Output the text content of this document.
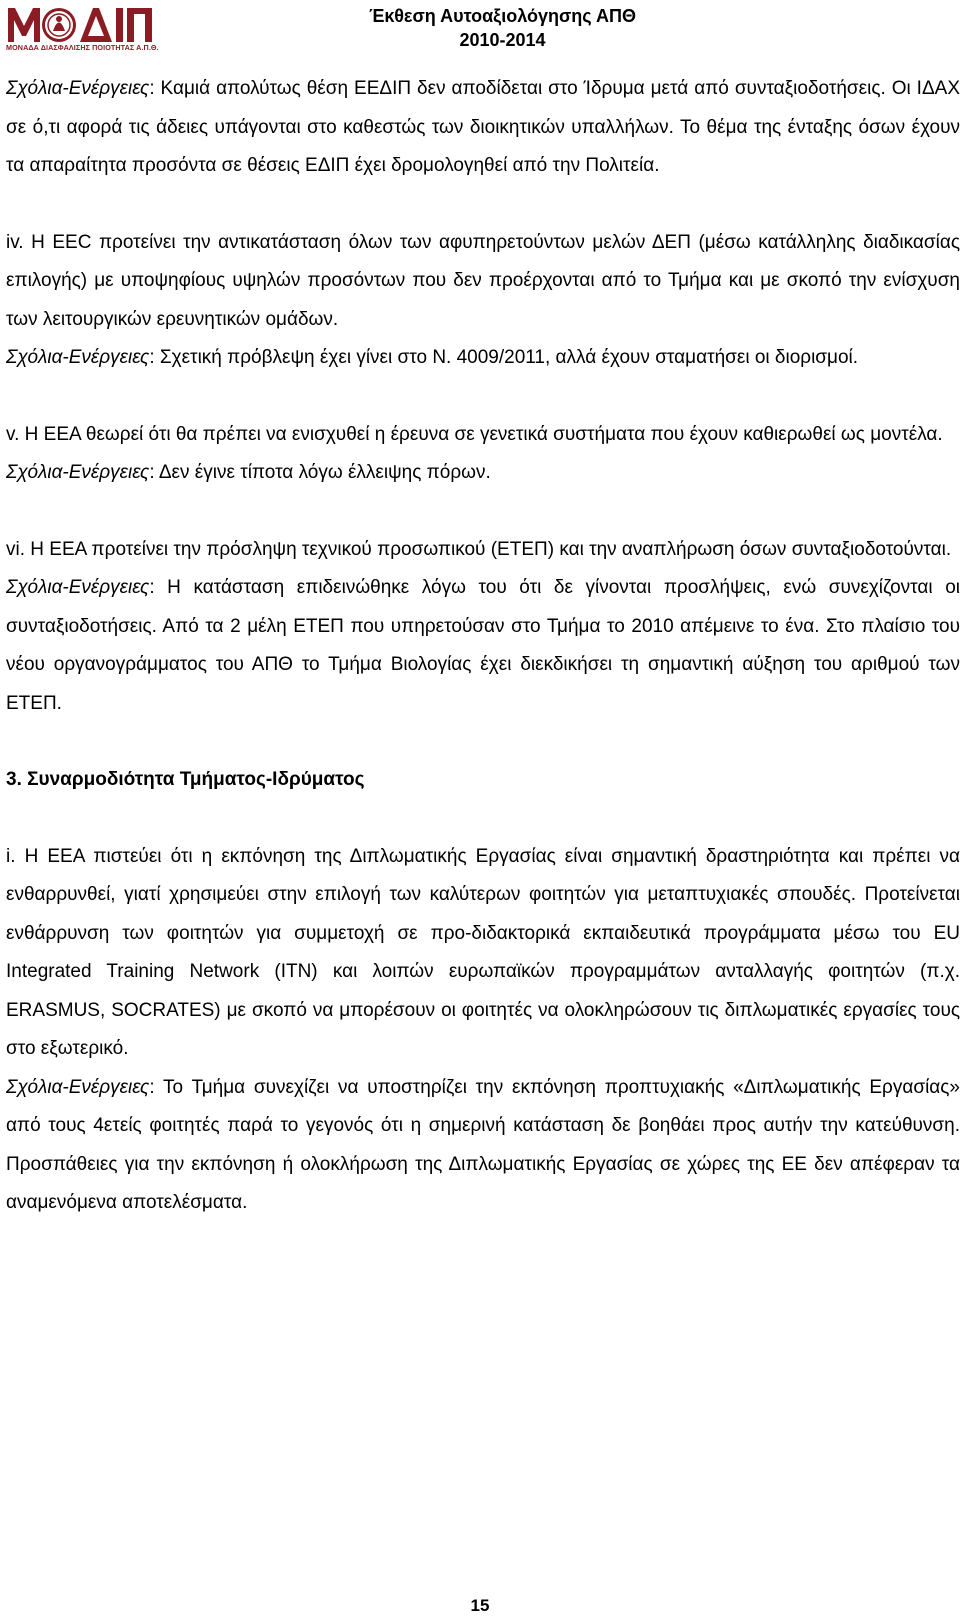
ΜΟΝΑΔΑ ΔΙΑΣΦΑΛΙΣΗΣ ΠΟΙΟΤΗΤΑΣ Α.Π.Θ.
Έκθεση Αυτοαξιολόγησης ΑΠΘ
2010-2014

Σχόλια-Ενέργειες: Καμιά απολύτως θέση ΕΕΔΙΠ δεν αποδίδεται στο Ίδρυμα μετά από συνταξιοδοτήσεις. Οι ΙΔΑΧ σε ό,τι αφορά τις άδειες υπάγονται στο καθεστώς των διοικητικών υπαλλήλων. Το θέμα της ένταξης όσων έχουν τα απαραίτητα προσόντα σε θέσεις ΕΔΙΠ έχει δρομολογηθεί από την Πολιτεία.

iv. Η EEC προτείνει την αντικατάσταση όλων των αφυπηρετούντων μελών ΔΕΠ (μέσω κατάλληλης διαδικασίας επιλογής) με υποψηφίους υψηλών προσόντων που δεν προέρχονται από το Τμήμα και με σκοπό την ενίσχυση των λειτουργικών ερευνητικών ομάδων.

Σχόλια-Ενέργειες: Σχετική πρόβλεψη έχει γίνει στο Ν. 4009/2011, αλλά έχουν σταματήσει οι διορισμοί.

v. Η ΕΕΑ θεωρεί ότι θα πρέπει να ενισχυθεί η έρευνα σε γενετικά συστήματα που έχουν καθιερωθεί ως μοντέλα.

Σχόλια-Ενέργειες: Δεν έγινε τίποτα λόγω έλλειψης πόρων.

vi. Η ΕΕΑ προτείνει την πρόσληψη τεχνικού προσωπικού (ΕΤΕΠ) και την αναπλήρωση όσων συνταξιοδοτούνται.

Σχόλια-Ενέργειες: Η κατάσταση επιδεινώθηκε λόγω του ότι δε γίνονται προσλήψεις, ενώ συνεχίζονται οι συνταξιοδοτήσεις. Από τα 2 μέλη ΕΤΕΠ που υπηρετούσαν στο Τμήμα το 2010 απέμεινε το ένα. Στο πλαίσιο του νέου οργανογράμματος του ΑΠΘ το Τμήμα Βιολογίας έχει διεκδικήσει τη σημαντική αύξηση του αριθμού των ΕΤΕΠ.

3. Συναρμοδιότητα Τμήματος-Ιδρύματος

i. Η ΕΕΑ πιστεύει ότι η εκπόνηση της Διπλωματικής Εργασίας είναι σημαντική δραστηριότητα και πρέπει να ενθαρρυνθεί, γιατί χρησιμεύει στην επιλογή των καλύτερων φοιτητών για μεταπτυχιακές σπουδές. Προτείνεται ενθάρρυνση των φοιτητών για συμμετοχή σε προ-διδακτορικά εκπαιδευτικά προγράμματα μέσω του EU Integrated Training Network (ITN) και λοιπών ευρωπαϊκών προγραμμάτων ανταλλαγής φοιτητών (π.χ. ERASMUS, SOCRATES) με σκοπό να μπορέσουν οι φοιτητές να ολοκληρώσουν τις διπλωματικές εργασίες τους στο εξωτερικό.

Σχόλια-Ενέργειες: Το Τμήμα συνεχίζει να υποστηρίζει την εκπόνηση προπτυχιακής «Διπλωματικής Εργασίας» από τους 4ετείς φοιτητές παρά το γεγονός ότι η σημερινή κατάσταση δε βοηθάει προς αυτήν την κατεύθυνση. Προσπάθειες για την εκπόνηση ή ολοκλήρωση της Διπλωματικής Εργασίας σε χώρες της ΕΕ δεν απέφεραν τα αναμενόμενα αποτελέσματα.

15
